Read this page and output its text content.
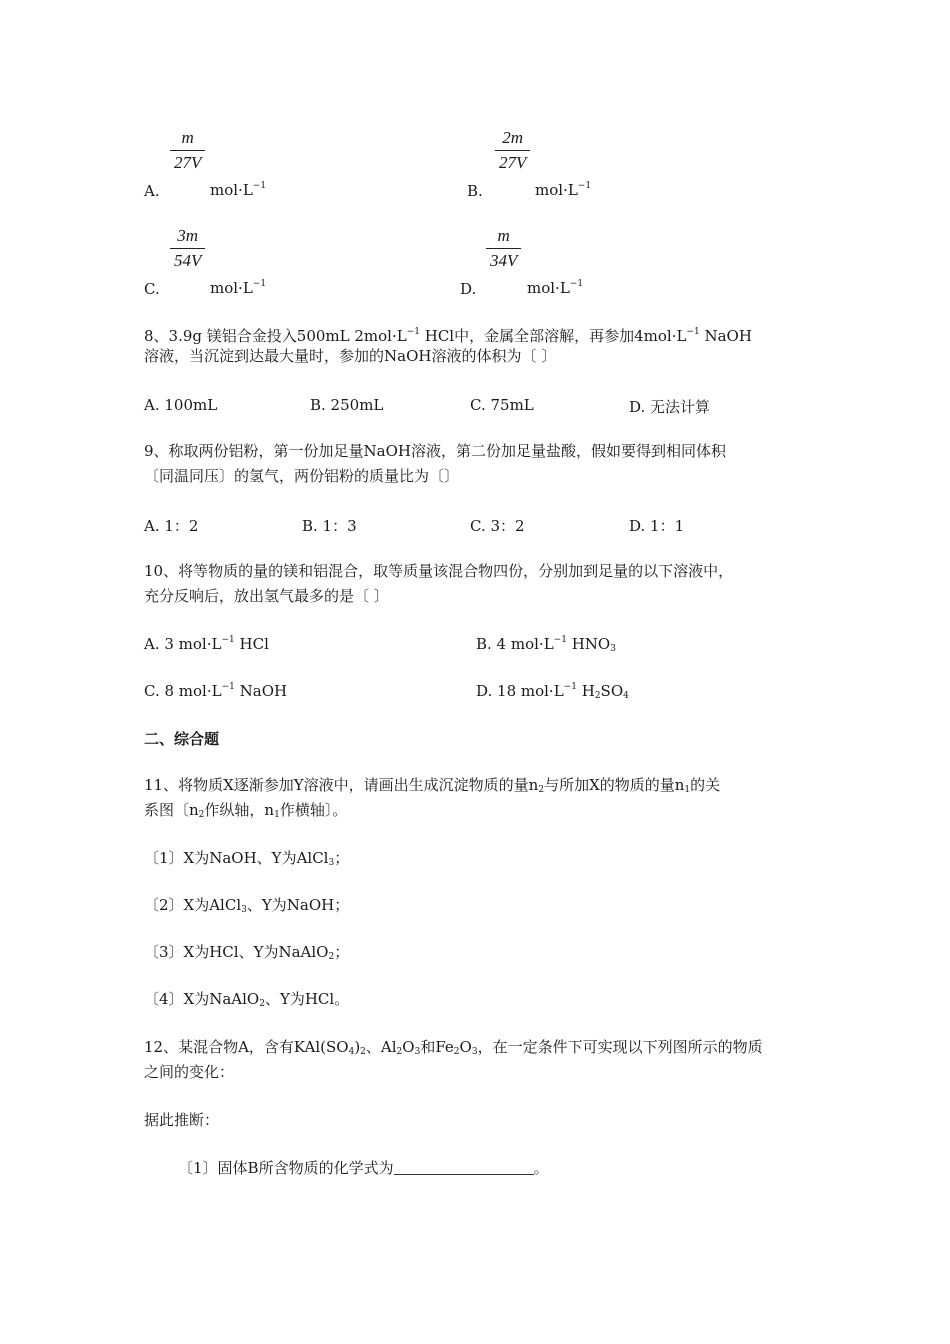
m
27V
A.	$mol\cdot L^{-1}$
2m
27V
B.	$mol\cdot L^{-1}$
3m
54V
C.	$mol\cdot L^{-1}$
m
34V
D.	$mol\cdot L^{-1}$
8、3.9g 镁铝合金投入500mL $2mol\cdot L^{-1}$ HCl中，金属全部溶解，再参加$4mol\cdot L^{-1}$ NaOH
溶液，当沉淀到达最大量时，参加的NaOH溶液的体积为〔 〕
A. 100mL	B. 250mL	C. 75mL	D. 无法计算
9、称取两份铝粉，第一份加足量NaOH溶液，第二份加足量盐酸，假如要得到相同体积
〔同温同压〕的氢气，两份铝粉的质量比为〔〕
A. 1：2	B. 1：3	C. 3：2	D. 1：1
10、将等物质的量的镁和铝混合，取等质量该混合物四份，分别加到足量的以下溶液中，
充分反响后，放出氢气最多的是〔 〕
A. 3 $mol\cdot L^{-1}$ HCl	B. 4 $mol\cdot L^{-1}$ $HNO_3$
C. 8 $mol\cdot L^{-1}$ NaOH	D. 18 $mol\cdot L^{-1}$ $H_2SO_4$
二、综合题
11、将物质X逐渐参加Y溶液中，请画出生成沉淀物质的量$n_2$与所加X的物质的量$n_1$的关
系图〔$n_2$作纵轴，$n_1$作横轴〕。
〔1〕X为NaOH、Y为AlCl$_3$；
〔2〕X为AlCl$_3$、Y为NaOH；
〔3〕X为HCl、Y为NaAlO$_2$；
〔4〕X为NaAlO$_2$、Y为HCl。
12、某混合物A，含有$KAl(SO_4)_2$、$Al_2O_3$和$Fe_2O_3$，在一定条件下可实现以下列图所示的物质
之间的变化：
据此推断：
〔1〕固体B所含物质的化学式为	。
